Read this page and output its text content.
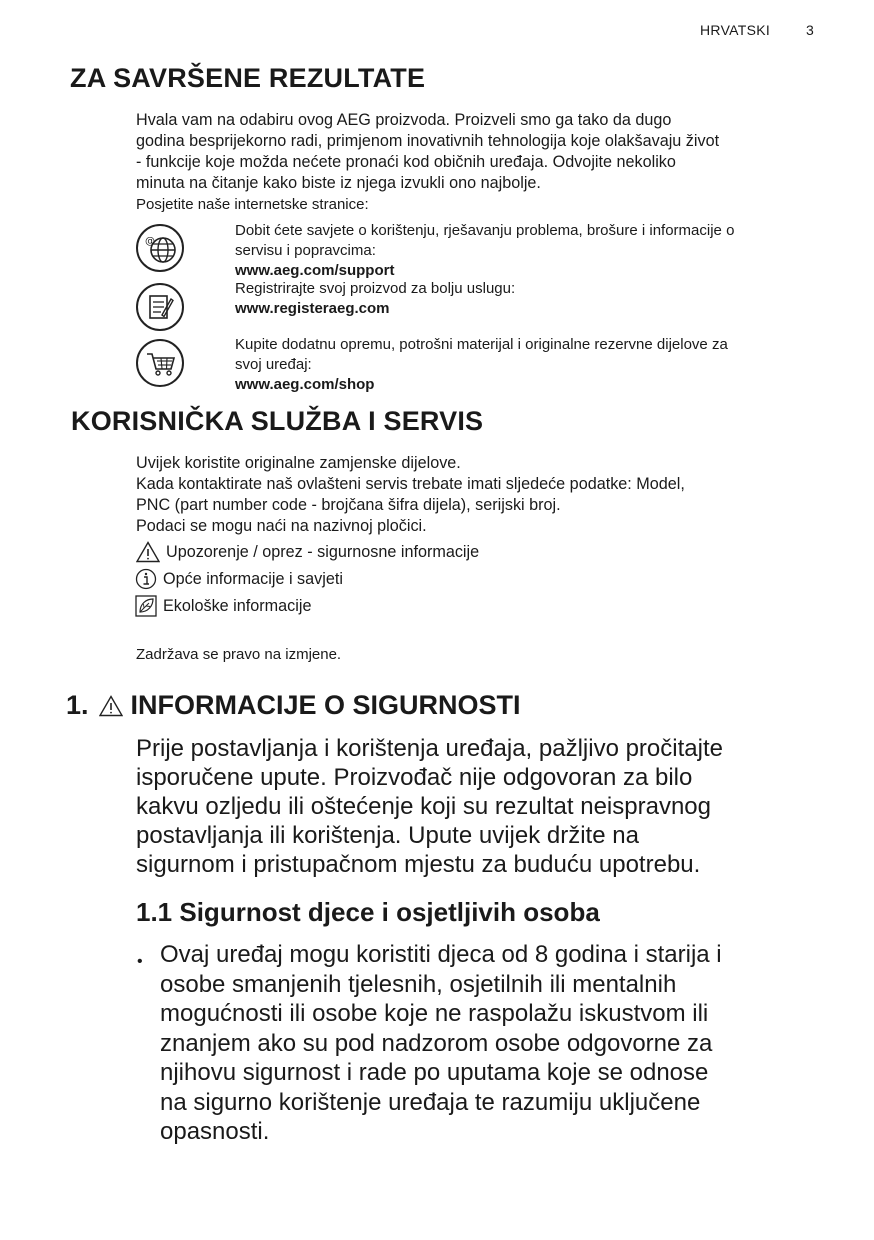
HRVATSKI	3
ZA SAVRŠENE REZULTATE
Hvala vam na odabiru ovog AEG proizvoda. Proizveli smo ga tako da dugo
godina besprijekorno radi, primjenom inovativnih tehnologija koje olakšavaju život
- funkcije koje možda nećete pronaći kod običnih uređaja. Odvojite nekoliko
minuta na čitanje kako biste iz njega izvukli ono najbolje.
Posjetite naše internetske stranice:
@
Dobit ćete savjete o korištenju, rješavanju problema, brošure i informacije o
servisu i popravcima:
www.aeg.com/support
Registrirajte svoj proizvod za bolju uslugu:
www.registeraeg.com
Kupite dodatnu opremu, potrošni materijal i originalne rezervne dijelove za
svoj uređaj:
www.aeg.com/shop
KORISNIČKA SLUŽBA I SERVIS
Uvijek koristite originalne zamjenske dijelove.
Kada kontaktirate naš ovlašteni servis trebate imati sljedeće podatke: Model,
PNC (part number code - brojčana šifra dijela), serijski broj.
Podaci se mogu naći na nazivnoj pločici.
Upozorenje / oprez - sigurnosne informacije
Opće informacije i savjeti
Ekološke informacije
Zadržava se pravo na izmjene.
1. INFORMACIJE O SIGURNOSTI
Prije postavljanja i korištenja uređaja, pažljivo pročitajte
isporučene upute. Proizvođač nije odgovoran za bilo
kakvu ozljedu ili oštećenje koji su rezultat neispravnog
postavljanja ili korištenja. Upute uvijek držite na
sigurnom i pristupačnom mjestu za buduću upotrebu.
1.1 Sigurnost djece i osjetljivih osoba
• Ovaj uređaj mogu koristiti djeca od 8 godina i starija i
osobe smanjenih tjelesnih, osjetilnih ili mentalnih
mogućnosti ili osobe koje ne raspolažu iskustvom ili
znanjem ako su pod nadzorom osobe odgovorne za
njihovu sigurnost i rade po uputama koje se odnose
na sigurno korištenje uređaja te razumiju uključene
opasnosti.
